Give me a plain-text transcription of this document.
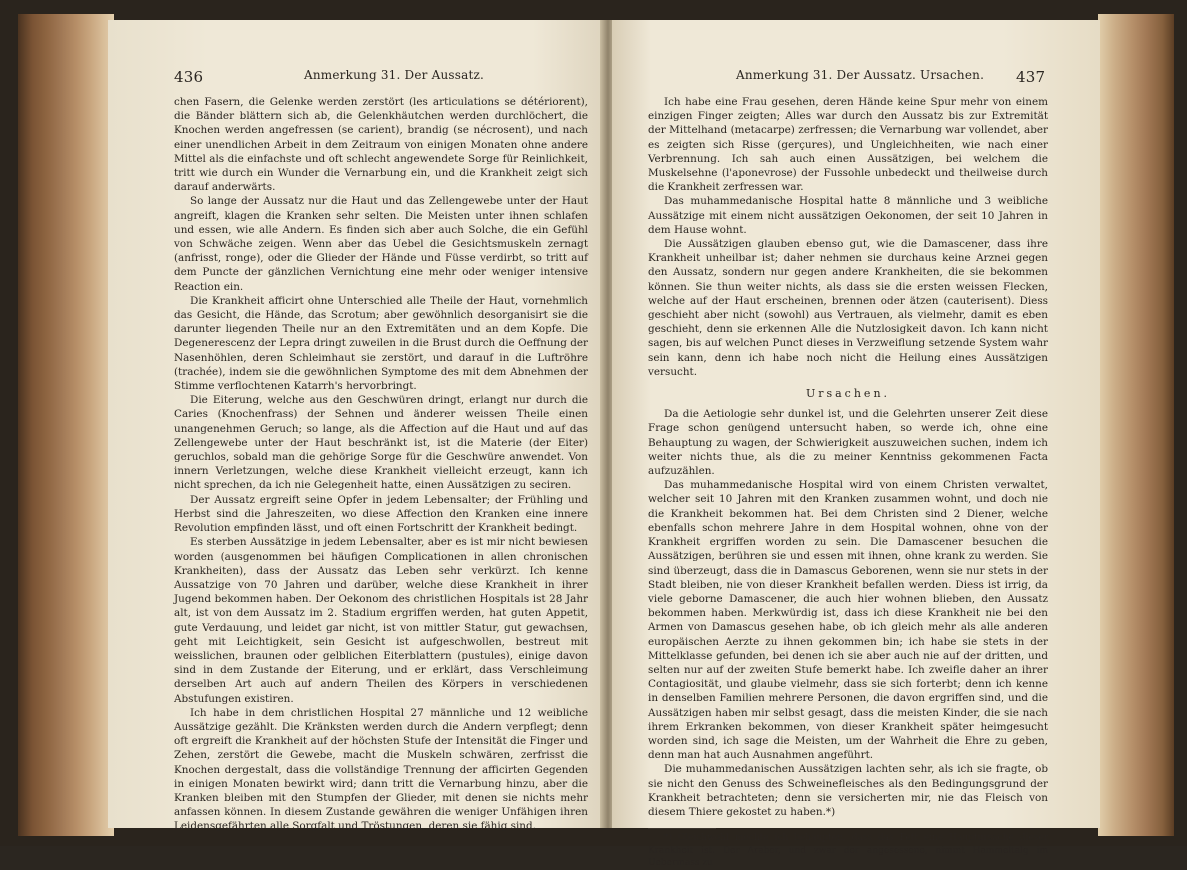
436	Anmerkung 31. Der Aussatz.

chen Fasern, die Gelenke werden zerstört (les articulations se détériorent), die Bänder blättern sich ab, die Gelenkhäutchen werden durchlöchert, die Knochen werden angefressen (se carient), brandig (se nécrosent), und nach einer unendlichen Arbeit in dem Zeitraum von einigen Monaten ohne andere Mittel als die einfachste und oft schlecht angewendete Sorge für Reinlichkeit, tritt wie durch ein Wunder die Vernarbung ein, und die Krankheit zeigt sich darauf anderwärts.

So lange der Aussatz nur die Haut und das Zellengewebe unter der Haut angreift, klagen die Kranken sehr selten. Die Meisten unter ihnen schlafen und essen, wie alle Andern. Es finden sich aber auch Solche, die ein Gefühl von Schwäche zeigen. Wenn aber das Uebel die Gesichtsmuskeln zernagt (anfrisst, ronge), oder die Glieder der Hände und Füsse verdirbt, so tritt auf dem Puncte der gänzlichen Vernichtung eine mehr oder weniger intensive Reaction ein.

Die Krankheit afficirt ohne Unterschied alle Theile der Haut, vornehmlich das Gesicht, die Hände, das Scrotum; aber gewöhnlich desorganisirt sie die darunter liegenden Theile nur an den Extremitäten und an dem Kopfe. Die Degenerescenz der Lepra dringt zuweilen in die Brust durch die Oeffnung der Nasenhöhlen, deren Schleimhaut sie zerstört, und darauf in die Luftröhre (trachée), indem sie die gewöhnlichen Symptome des mit dem Abnehmen der Stimme verflochtenen Katarrh's hervorbringt.

Die Eiterung, welche aus den Geschwüren dringt, erlangt nur durch die Caries (Knochenfrass) der Sehnen und änderer weissen Theile einen unangenehmen Geruch; so lange, als die Affection auf die Haut und auf das Zellengewebe unter der Haut beschränkt ist, ist die Materie (der Eiter) geruchlos, sobald man die gehörige Sorge für die Geschwüre anwendet. Von innern Verletzungen, welche diese Krankheit vielleicht erzeugt, kann ich nicht sprechen, da ich nie Gelegenheit hatte, einen Aussätzigen zu seciren.

Der Aussatz ergreift seine Opfer in jedem Lebensalter; der Frühling und Herbst sind die Jahreszeiten, wo diese Affection den Kranken eine innere Revolution empfinden lässt, und oft einen Fortschritt der Krankheit bedingt.

Es sterben Aussätzige in jedem Lebensalter, aber es ist mir nicht bewiesen worden (ausgenommen bei häufigen Complicationen in allen chronischen Krankheiten), dass der Aussatz das Leben sehr verkürzt. Ich kenne Aussatzige von 70 Jahren und darüber, welche diese Krankheit in ihrer Jugend bekommen haben. Der Oekonom des christlichen Hospitals ist 28 Jahr alt, ist von dem Aussatz im 2. Stadium ergriffen werden, hat guten Appetit, gute Verdauung, und leidet gar nicht, ist von mittler Statur, gut gewachsen, geht mit Leichtigkeit, sein Gesicht ist aufgeschwollen, bestreut mit weisslichen, braunen oder gelblichen Eiterblattern (pustules), einige davon sind in dem Zustande der Eiterung, und er erklärt, dass Verschleimung derselben Art auch auf andern Theilen des Körpers in verschiedenen Abstufungen existiren.

Ich habe in dem christlichen Hospital 27 männliche und 12 weibliche Aussätzige gezählt. Die Kränksten werden durch die Andern verpflegt; denn oft ergreift die Krankheit auf der höchsten Stufe der Intensität die Finger und Zehen, zerstört die Gewebe, macht die Muskeln schwären, zerfrisst die Knochen dergestalt, dass die vollständige Trennung der afficirten Gegenden in einigen Monaten bewirkt wird; dann tritt die Vernarbung hinzu, aber die Kranken bleiben mit den Stumpfen der Glieder, mit denen sie nichts mehr anfassen können. In diesem Zustande gewähren die weniger Unfähigen ihren Leidensgefährten alle Sorgfalt und Tröstungen, deren sie fähig sind.

Anmerkung 31. Der Aussatz. Ursachen. 437

Ich habe eine Frau gesehen, deren Hände keine Spur mehr von einem einzigen Finger zeigten; Alles war durch den Aussatz bis zur Extremität der Mittelhand (metacarpe) zerfressen; die Vernarbung war vollendet, aber es zeigten sich Risse (gerçures), und Ungleichheiten, wie nach einer Verbrennung. Ich sah auch einen Aussätzigen, bei welchem die Muskelsehne (l'aponevrose) der Fussohle unbedeckt und theilweise durch die Krankheit zerfressen war.

Das muhammedanische Hospital hatte 8 männliche und 3 weibliche Aussätzige mit einem nicht aussätzigen Oekonomen, der seit 10 Jahren in dem Hause wohnt.

Die Aussätzigen glauben ebenso gut, wie die Damascener, dass ihre Krankheit unheilbar ist; daher nehmen sie durchaus keine Arznei gegen den Aussatz, sondern nur gegen andere Krankheiten, die sie bekommen können. Sie thun weiter nichts, als dass sie die ersten weissen Flecken, welche auf der Haut erscheinen, brennen oder ätzen (cauterisent). Diess geschieht aber nicht (sowohl) aus Vertrauen, als vielmehr, damit es eben geschieht, denn sie erkennen Alle die Nutzlosigkeit davon. Ich kann nicht sagen, bis auf welchen Punct dieses in Verzweiflung setzende System wahr sein kann, denn ich habe noch nicht die Heilung eines Aussätzigen versucht.

Ursachen.

Da die Aetiologie sehr dunkel ist, und die Gelehrten unserer Zeit diese Frage schon genügend untersucht haben, so werde ich, ohne eine Behauptung zu wagen, der Schwierigkeit auszuweichen suchen, indem ich weiter nichts thue, als die zu meiner Kenntniss gekommenen Facta aufzuzählen.

Das muhammedanische Hospital wird von einem Christen verwaltet, welcher seit 10 Jahren mit den Kranken zusammen wohnt, und doch nie die Krankheit bekommen hat. Bei dem Christen sind 2 Diener, welche ebenfalls schon mehrere Jahre in dem Hospital wohnen, ohne von der Krankheit ergriffen worden zu sein. Die Damascener besuchen die Aussätzigen, berühren sie und essen mit ihnen, ohne krank zu werden. Sie sind überzeugt, dass die in Damascus Geborenen, wenn sie nur stets in der Stadt bleiben, nie von dieser Krankheit befallen werden. Diess ist irrig, da viele geborne Damascener, die auch hier wohnen blieben, den Aussatz bekommen haben. Merkwürdig ist, dass ich diese Krankheit nie bei den Armen von Damascus gesehen habe, ob ich gleich mehr als alle anderen europäischen Aerzte zu ihnen gekommen bin; ich habe sie stets in der Mittelklasse gefunden, bei denen ich sie aber auch nie auf der dritten, und selten nur auf der zweiten Stufe bemerkt habe. Ich zweifle daher an ihrer Contagiosität, und glaube vielmehr, dass sie sich forterbt; denn ich kenne in denselben Familien mehrere Personen, die davon ergriffen sind, und die Aussätzigen haben mir selbst gesagt, dass die meisten Kinder, die sie nach ihrem Erkranken bekommen, von dieser Krankheit später heimgesucht worden sind, ich sage die Meisten, um der Wahrheit die Ehre zu geben, denn man hat auch Ausnahmen angeführt.

Die muhammedanischen Aussätzigen lachten sehr, als ich sie fragte, ob sie nicht den Genuss des Schweinefleisches als den Bedingungsgrund der Krankheit betrachteten; denn sie versicherten mir, nie das Fleisch von diesem Thiere gekostet zu haben.*)

*) Gleichwohl möchte ich behaupten, dass das Fett eine Hauptursache dieser Krankheit ist. Der Araber, und zwar der angesessene, nimmt Hammeltalg im Uebermass zu
